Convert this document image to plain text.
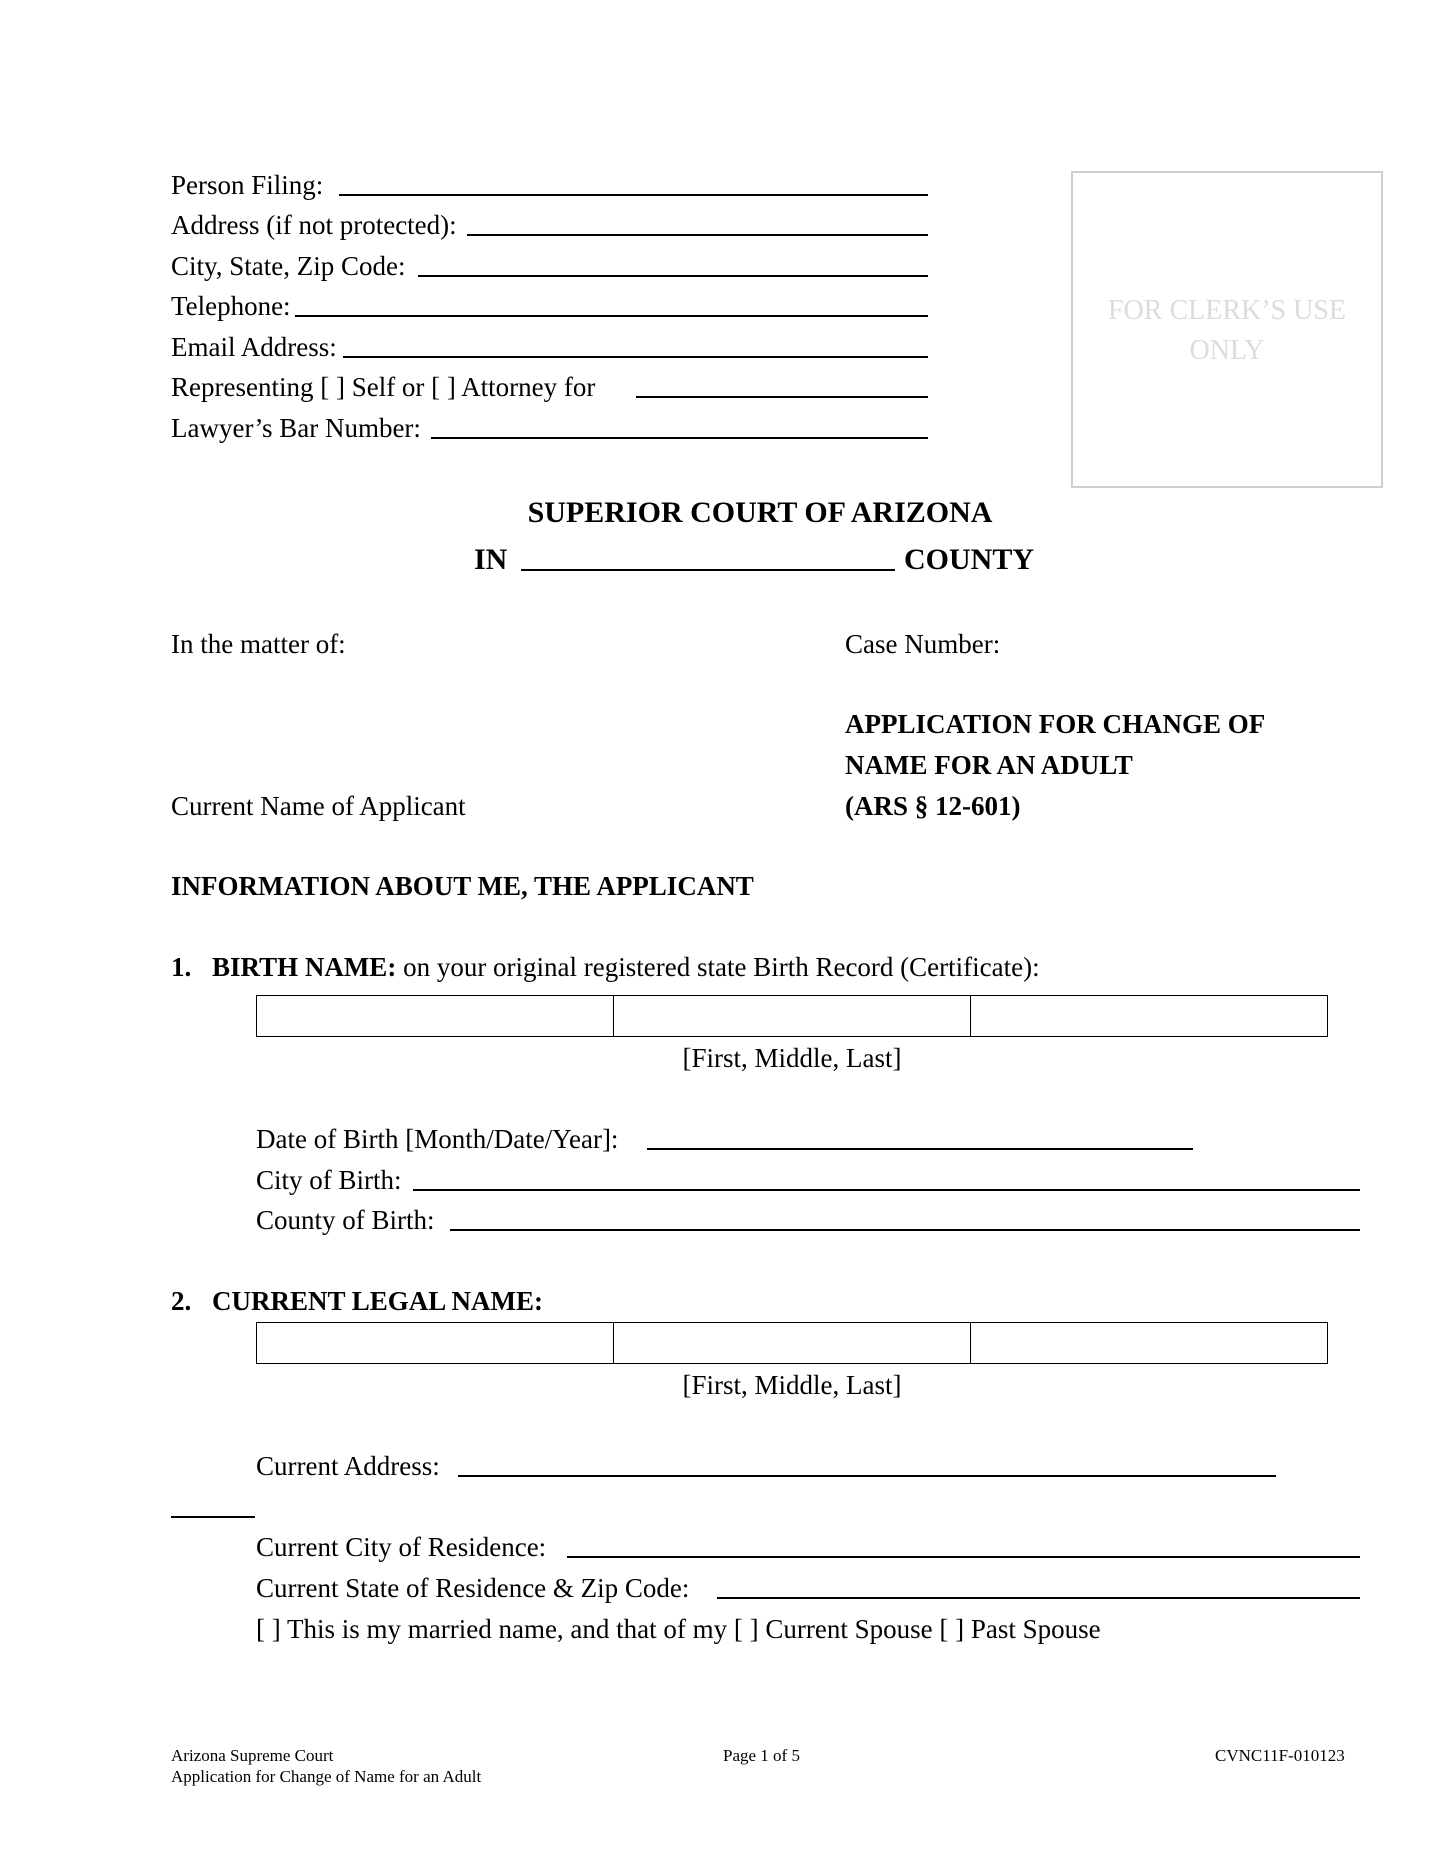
Person Filing:
Address (if not protected):
City, State, Zip Code:
Telephone:
Email Address:
Representing [ ] Self or [ ] Attorney for
Lawyer’s Bar Number:
FOR CLERK’S USE ONLY
SUPERIOR COURT OF ARIZONA
IN	COUNTY
In the matter of:	Case Number:
APPLICATION FOR CHANGE OF
NAME FOR AN ADULT
Current Name of Applicant	(ARS § 12-601)
INFORMATION ABOUT ME, THE APPLICANT
1. BIRTH NAME: on your original registered state Birth Record (Certificate):
[First, Middle, Last]
Date of Birth [Month/Date/Year]:
City of Birth:
County of Birth:
2. CURRENT LEGAL NAME:
[First, Middle, Last]
Current Address:
Current City of Residence:
Current State of Residence & Zip Code:
[ ] This is my married name, and that of my [ ] Current Spouse [ ] Past Spouse
Arizona Supreme Court
Application for Change of Name for an Adult
Page 1 of 5	CVNC11F-010123
